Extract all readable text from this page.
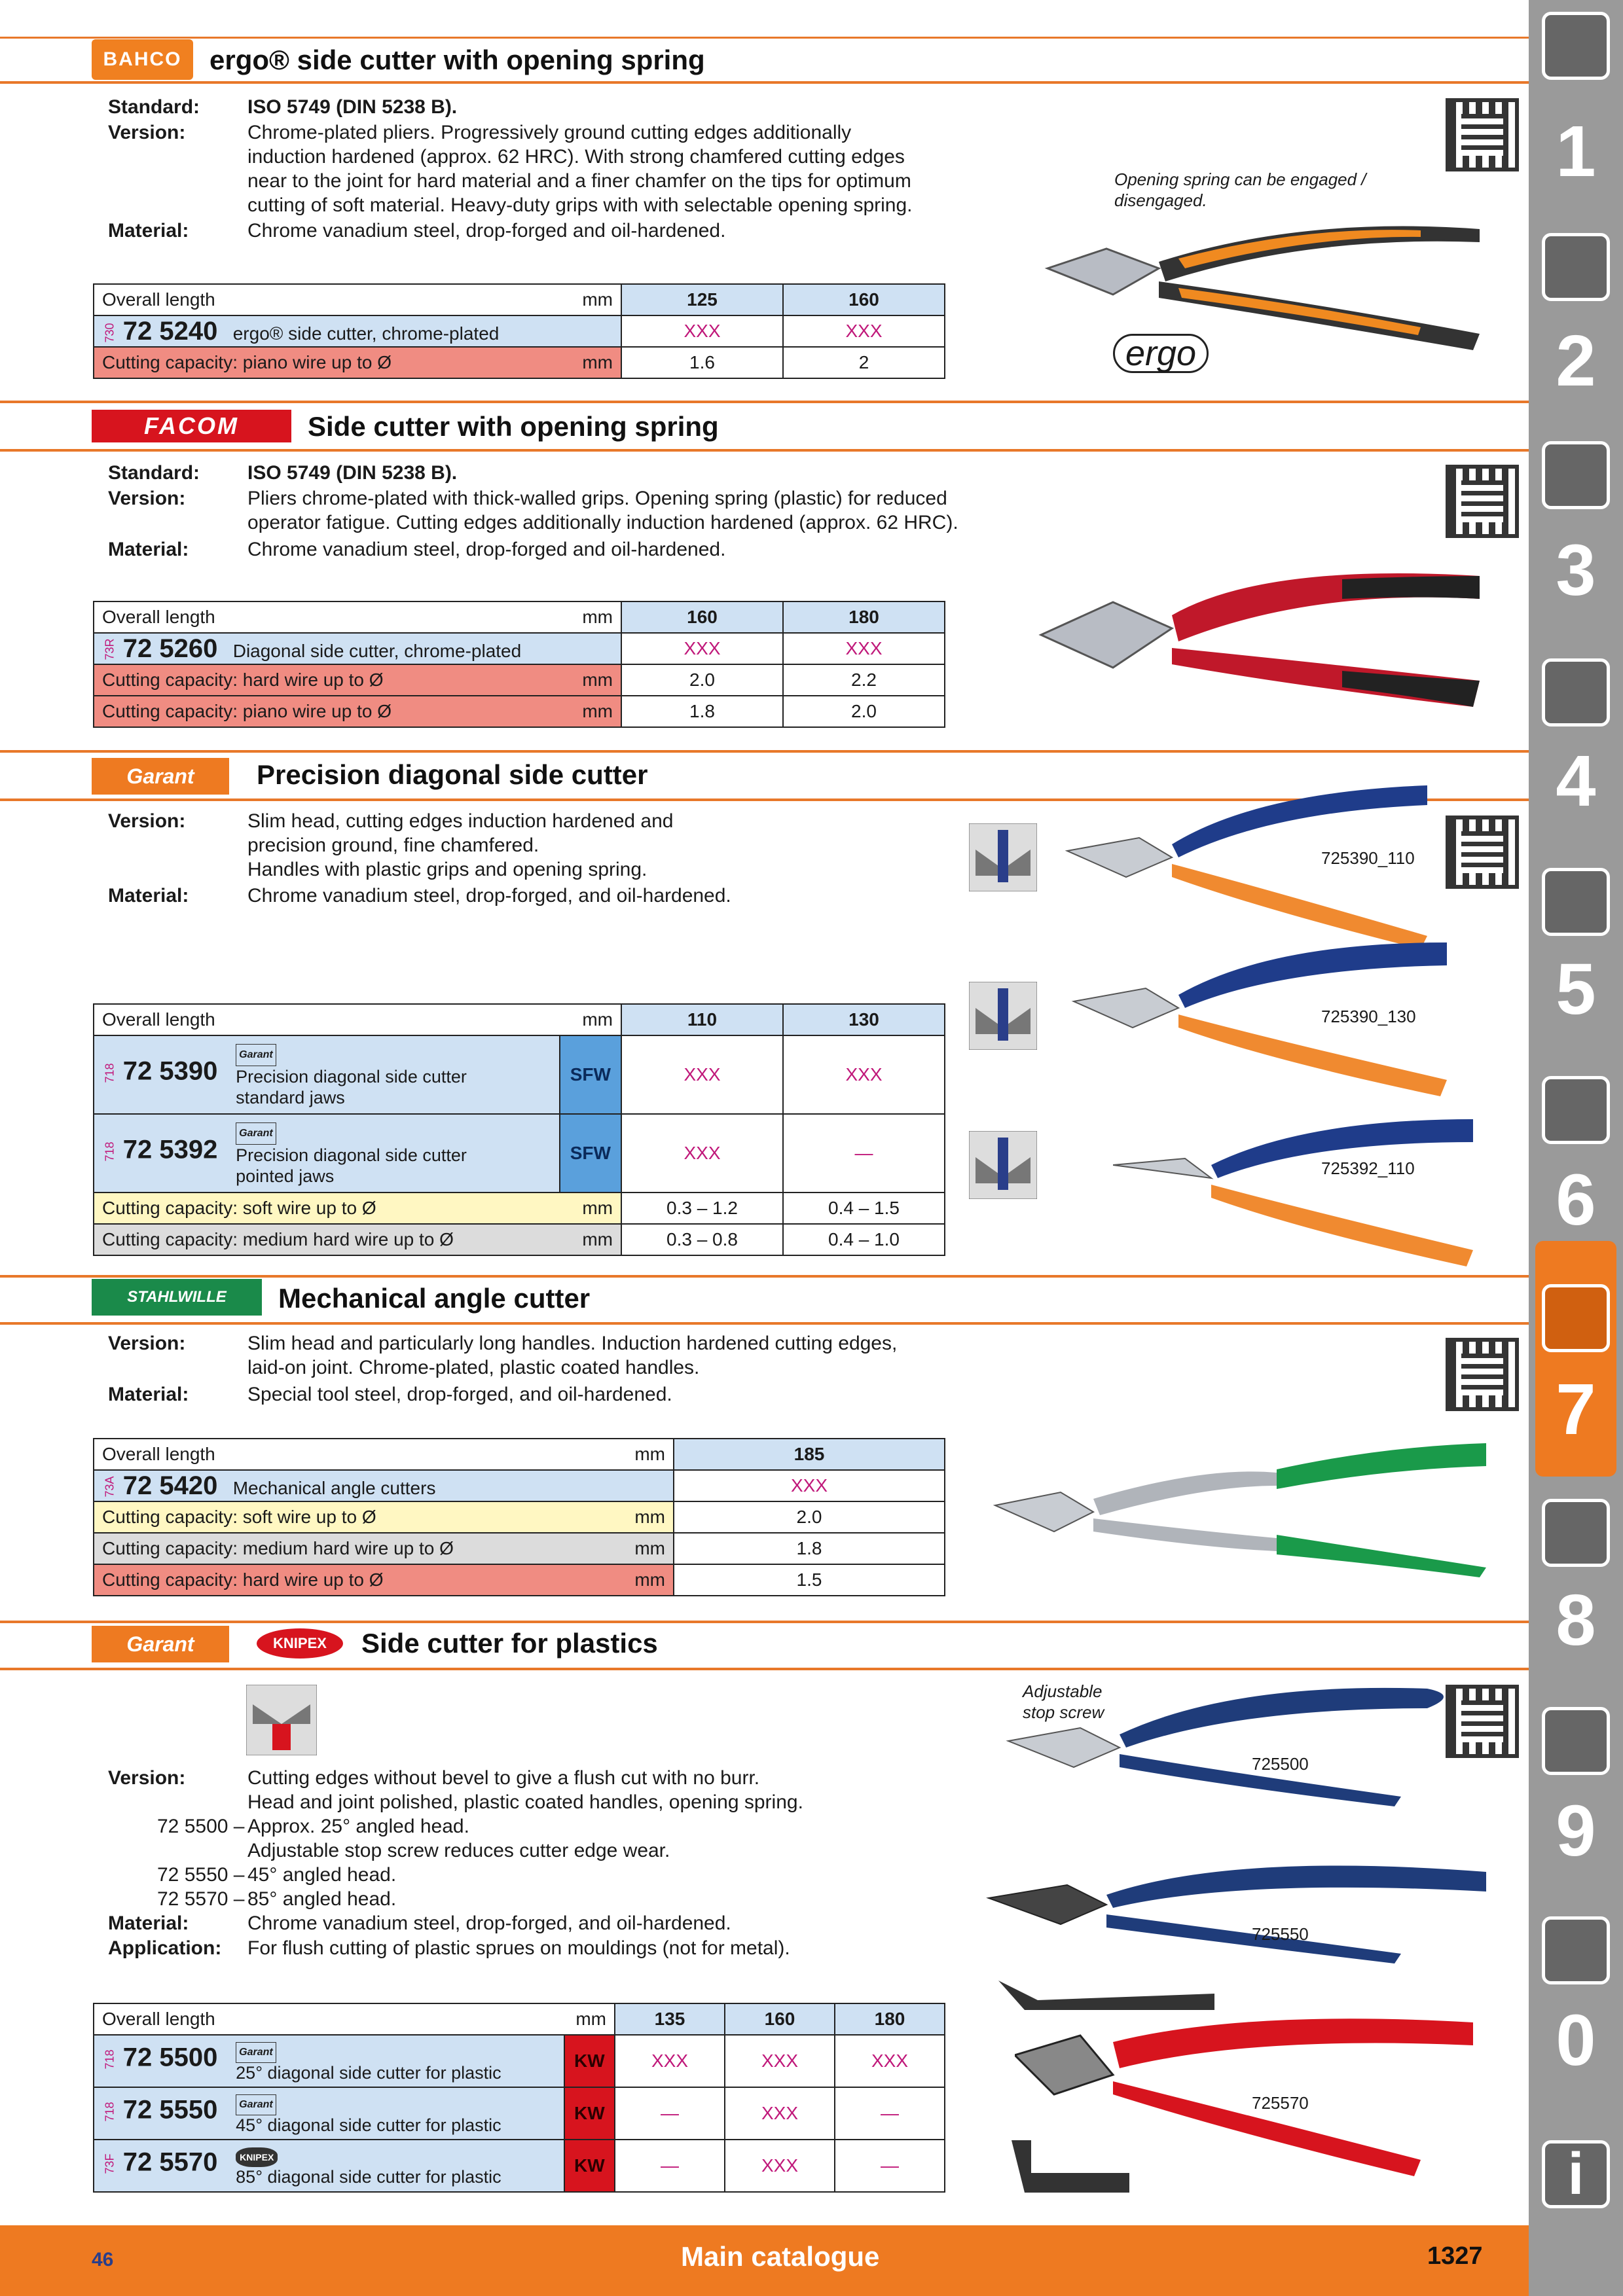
BAHCO	ergo® side cutter with opening spring
Standard: ISO 5749 (DIN 5238 B).
Version:	Chrome-plated pliers. Progressively ground cutting edges additionally
induction hardened (approx. 62 HRC). With strong chamfered cutting edges
near to the joint for hard material and a finer chamfer on the tips for optimum
cutting of soft material. Heavy-duty grips with with selectable opening spring.
Material:	Chrome vanadium steel, drop-forged and oil-hardened.
Overall length mm	125	160
730 72 5240 ergo® side cutter, chrome-plated	XXX	XXX
Cutting capacity: piano wire up to Ø mm	1.6	2
Opening spring can be engaged /
disengaged.
ergo
FACOM	Side cutter with opening spring
Standard: ISO 5749 (DIN 5238 B).
Version:	Pliers chrome-plated with thick-walled grips. Opening spring (plastic) for reduced
operator fatigue. Cutting edges additionally induction hardened (approx. 62 HRC).
Material:	Chrome vanadium steel, drop-forged and oil-hardened.
Overall length mm	160	180
73R 72 5260 Diagonal side cutter, chrome-plated	XXX	XXX
Cutting capacity: hard wire up to Ø mm	2.0	2.2
Cutting capacity: piano wire up to Ø mm	1.8	2.0
Garant	Precision diagonal side cutter
Version:	Slim head, cutting edges induction hardened and
precision ground, fine chamfered.
Handles with plastic grips and opening spring.
Material:	Chrome vanadium steel, drop-forged, and oil-hardened.
Overall length mm		110	130
718 72 5390 Garant
Precision diagonal side cutter
standard jaws	SFW	XXX	XXX
718 72 5392 Garant
Precision diagonal side cutter
pointed jaws	SFW	XXX	—
Cutting capacity: soft wire up to Ø mm		0.3 – 1.2	0.4 – 1.5
Cutting capacity: medium hard wire up to Ø mm		0.3 – 0.8	0.4 – 1.0
725390_110
725390_130
725392_110
STAHLWILLE	Mechanical angle cutter
Version:	Slim head and particularly long handles. Induction hardened cutting edges,
laid-on joint. Chrome-plated, plastic coated handles.
Material:	Special tool steel, drop-forged, and oil-hardened.
Overall length mm	185
73A 72 5420 Mechanical angle cutters	XXX
Cutting capacity: soft wire up to Ø mm	2.0
Cutting capacity: medium hard wire up to Ø mm	1.8
Cutting capacity: hard wire up to Ø mm	1.5
Garant	KNIPEX	Side cutter for plastics
Version:	Cutting edges without bevel to give a flush cut with no burr.
Head and joint polished, plastic coated handles, opening spring.
72 5500 – Approx. 25° angled head.
Adjustable stop screw reduces cutter edge wear.
72 5550 – 45° angled head.
72 5570 – 85° angled head.
Material:	Chrome vanadium steel, drop-forged, and oil-hardened.
Application: For flush cutting of plastic sprues on mouldings (not for metal).
Overall length mm		135	160	180
718 72 5500 Garant
25° diagonal side cutter for plastic	KW	XXX	XXX	XXX
718 72 5550 Garant
45° diagonal side cutter for plastic	KW	—	XXX	—
73F 72 5570 KNIPEX
85° diagonal side cutter for plastic	KW	—	XXX	—
Adjustable
stop screw
725500
725550
725570
1
2
3
4
5
6
7
8
9
0
i
46	Main catalogue	1327
